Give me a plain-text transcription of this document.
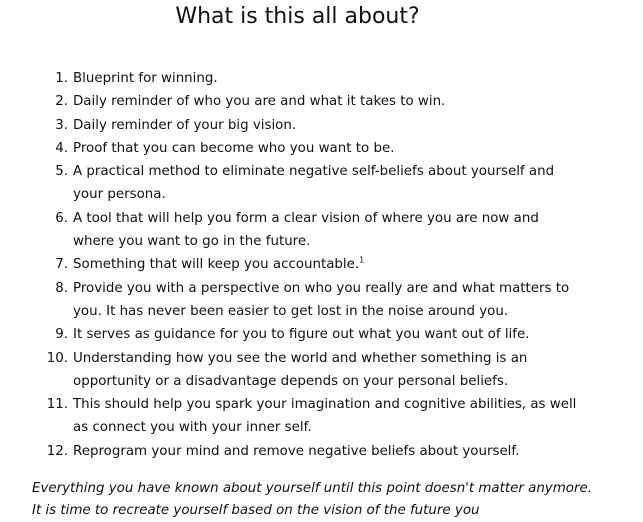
What is this all about?
1. Blueprint for winning.
2. Daily reminder of who you are and what it takes to win.
3. Daily reminder of your big vision.
4. Proof that you can become who you want to be.
5. A practical method to eliminate negative self-beliefs about yourself and your persona.
6. A tool that will help you form a clear vision of where you are now and where you want to go in the future.
7. Something that will keep you accountable.$^1$
8. Provide you with a perspective on who you really are and what matters to you. It has never been easier to get lost in the noise around you.
9. It serves as guidance for you to figure out what you want out of life.
10. Understanding how you see the world and whether something is an opportunity or a disadvantage depends on your personal beliefs.
11. This should help you spark your imagination and cognitive abilities, as well as connect you with your inner self.
12. Reprogram your mind and remove negative beliefs about yourself.
Everything you have known about yourself until this point doesn't matter anymore. It is time to recreate yourself based on the vision of the future you
